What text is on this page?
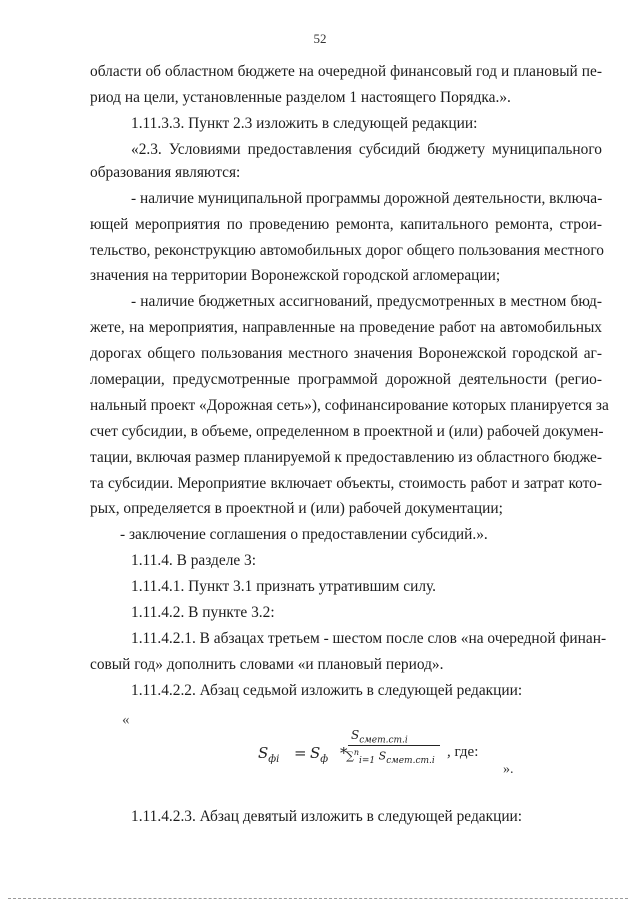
52
области об областном бюджете на очередной финансовый год и плановый пе-
риод на цели, установленные разделом 1 настоящего Порядка.».
1.11.3.3. Пункт 2.3 изложить в следующей редакции:
«2.3. Условиями предоставления субсидий бюджету муниципального
образования являются:
- наличие муниципальной программы дорожной деятельности, включа-
ющей мероприятия по проведению ремонта, капитального ремонта, строи-
тельство, реконструкцию автомобильных дорог общего пользования местного
значения на территории Воронежской городской агломерации;
- наличие бюджетных ассигнований, предусмотренных в местном бюд-
жете, на мероприятия, направленные на проведение работ на автомобильных
дорогах общего пользования местного значения Воронежской городской аг-
ломерации, предусмотренные программой дорожной деятельности (регио-
нальный проект «Дорожная сеть»), софинансирование которых планируется за
счет субсидии, в объеме, определенном в проектной и (или) рабочей докумен-
тации, включая размер планируемой к предоставлению из областного бюдже-
та субсидии. Мероприятие включает объекты, стоимость работ и затрат кото-
рых, определяется в проектной и (или) рабочей документации;
- заключение соглашения о предоставлении субсидий.».
1.11.4. В разделе 3:
1.11.4.1. Пункт 3.1 признать утратившим силу.
1.11.4.2. В пункте 3.2:
1.11.4.2.1. В абзацах третьем - шестом после слов «на очередной финан-
совый год» дополнить словами «и плановый период».
1.11.4.2.2. Абзац седьмой изложить в следующей редакции:
«
$S_{фi} = S_ф$ *
$S_{смет.ст.i}$
∑$^n_{i=1}$ $S_{смет.ст.i}$
, где:
».
1.11.4.2.3. Абзац девятый изложить в следующей редакции:
